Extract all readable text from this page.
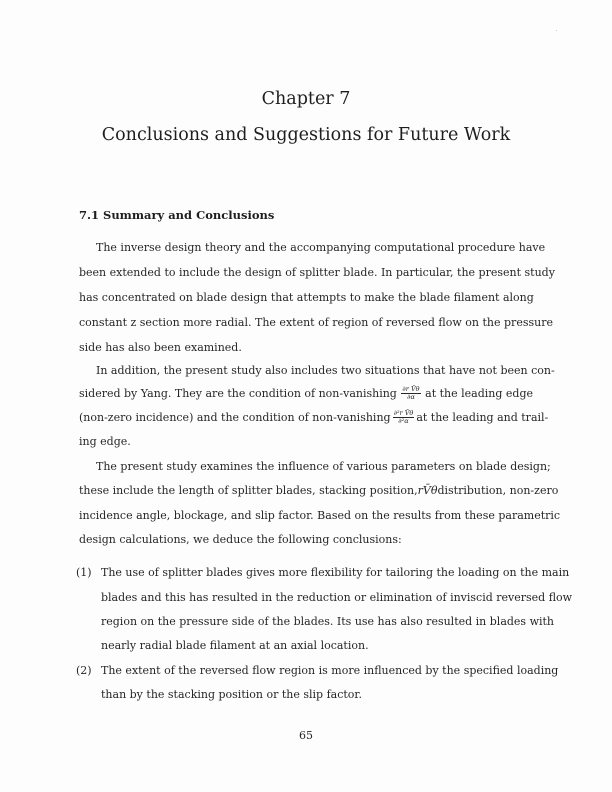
Chapter 7
Conclusions and Suggestions for Future Work
7.1 Summary and Conclusions
The inverse design theory and the accompanying computational procedure have
been extended to include the design of splitter blade. In particular, the present study
has concentrated on blade design that attempts to make the blade filament along
constant z section more radial. The extent of region of reversed flow on the pressure
side has also been examined.
In addition, the present study also includes two situations that have not been con-
sidered by Yang. They are the condition of non-vanishing $\frac{\text{∂r V̄θ}}{\partial\alpha}$ at the leading edge
(non-zero incidence) and the condition of non-vanishing $\frac{\text{∂²r V̄θ}}{\text{∂²α}}$ at the leading and trail-
ing edge.
The present study examines the influence of various parameters on blade design;
these include the length of splitter blades, stacking position, rV̄θ distribution, non-zero
incidence angle, blockage, and slip factor. Based on the results from these parametric
design calculations, we deduce the following conclusions:
(1) The use of splitter blades gives more flexibility for tailoring the loading on the main
blades and this has resulted in the reduction or elimination of inviscid reversed flow
region on the pressure side of the blades. Its use has also resulted in blades with
nearly radial blade filament at an axial location.
(2) The extent of the reversed flow region is more influenced by the specified loading
than by the stacking position or the slip factor.
65
